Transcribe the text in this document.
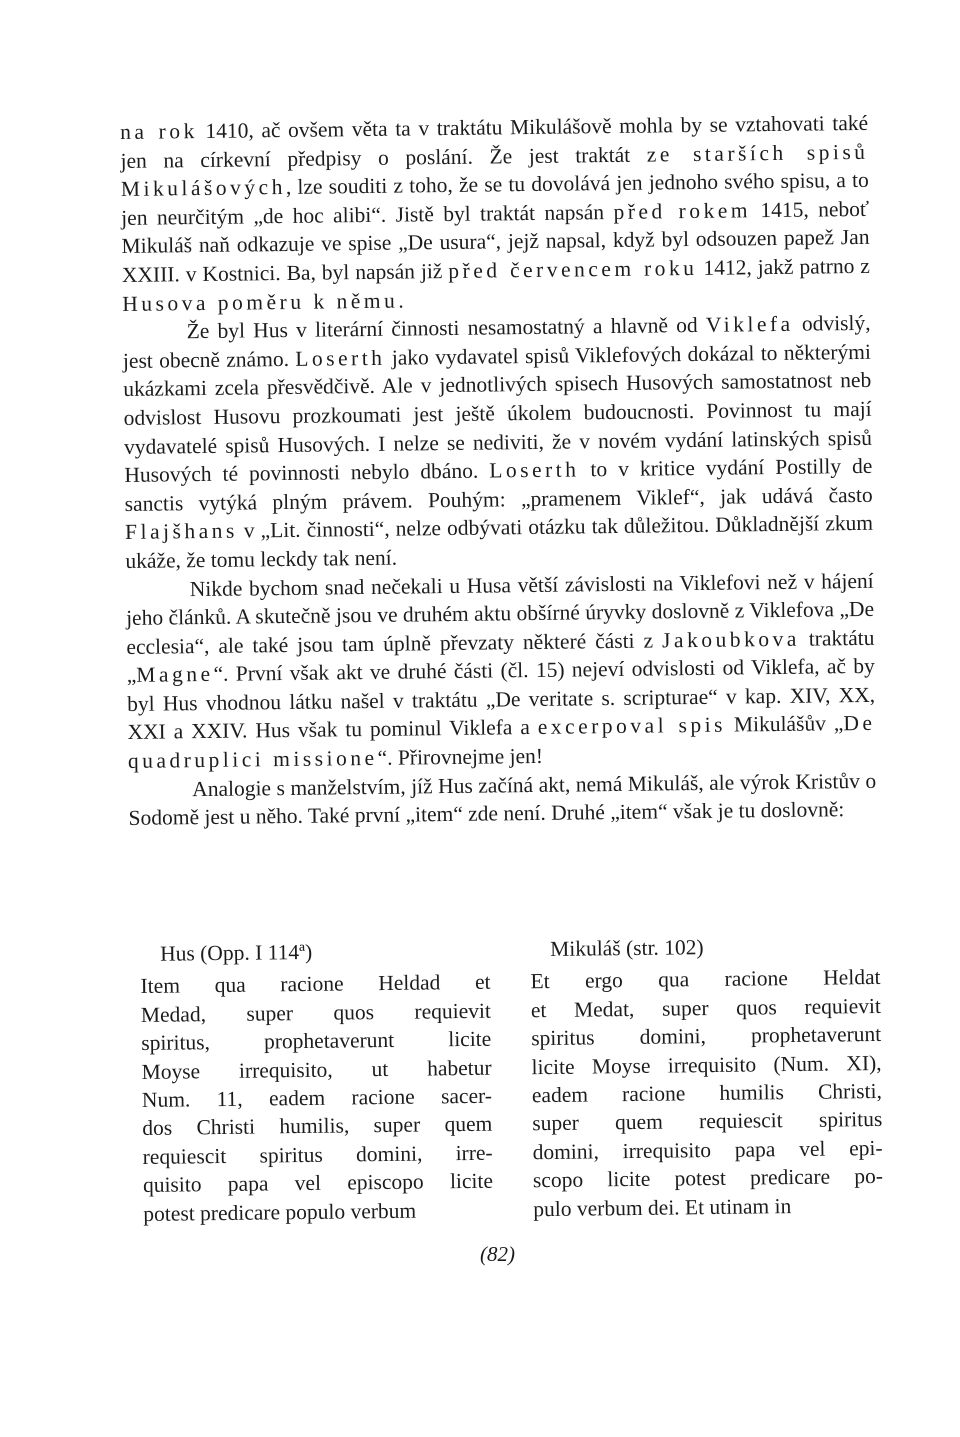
na rok 1410, ač ovšem věta ta v traktátu Mikulášově mohla by se vztahovati také jen na církevní předpisy o poslání. Že jest traktát ze starších spisů Mikulášových, lze souditi z toho, že se tu dovolává jen jednoho svého spisu, a to jen neurčitým „de hoc alibi“. Jistě byl traktát napsán před rokem 1415, neboť Mikuláš naň odkazuje ve spise „De usura“, jejž napsal, když byl odsouzen papež Jan XXIII. v Kostnici. Ba, byl napsán již před červencem roku 1412, jakž patrno z Husova poměru k němu.

Že byl Hus v literární činnosti nesamostatný a hlavně od Viklefa odvislý, jest obecně známo. Loserth jako vydavatel spisů Viklefových dokázal to některými ukázkami zcela přesvědčivě. Ale v jednotlivých spisech Husových samostatnost neb odvislost Husovu prozkoumati jest ještě úkolem budoucnosti. Povinnost tu mají vydavatelé spisů Husových. I nelze se nediviti, že v novém vydání latinských spisů Husových té povinnosti nebylo dbáno. Loserth to v kritice vydání Postilly de sanctis vytýká plným právem. Pouhým: „pramenem Viklef“, jak udává často Flajšhans v „Lit. činnosti“, nelze odbývati otázku tak důležitou. Důkladnější zkum ukáže, že tomu leckdy tak není.

Nikde bychom snad nečekali u Husa větší závislosti na Viklefovi než v hájení jeho článků. A skutečně jsou ve druhém aktu obšírné úryvky doslovně z Viklefova „De ecclesia“, ale také jsou tam úplně převzaty některé části z Jakoubkova traktátu „Magne“. První však akt ve druhé části (čl. 15) nejeví odvislosti od Viklefa, ač by byl Hus vhodnou látku našel v traktátu „De veritate s. scripturae“ v kap. XIV, XX, XXI a XXIV. Hus však tu pominul Viklefa a excerpoval spis Mikulášův „De quadruplici missione“. Přirovnejme jen!

Analogie s manželstvím, jíž Hus začíná akt, nemá Mikuláš, ale výrok Kristův o Sodomě jest u něho. Také první „item“ zde není. Druhé „item“ však je tu doslovně:

Hus (Opp. I 114ª)

Item qua racione Heldad et
Medad, super quos requievit
spiritus, prophetaverunt licite
Moyse irrequisito, ut habetur
Num. 11, eadem racione sacer-
dos Christi humilis, super quem
requiescit spiritus domini, irre-
quisito papa vel episcopo licite
potest predicare populo verbum

Mikuláš (str. 102)

Et ergo qua racione Heldat
et Medat, super quos requievit
spiritus domini, prophetaverunt
licite Moyse irrequisito (Num. XI),
eadem racione humilis Christi,
super quem requiescit spiritus
domini, irrequisito papa vel epi-
scopo licite potest predicare po-
pulo verbum dei. Et utinam in
(82)
